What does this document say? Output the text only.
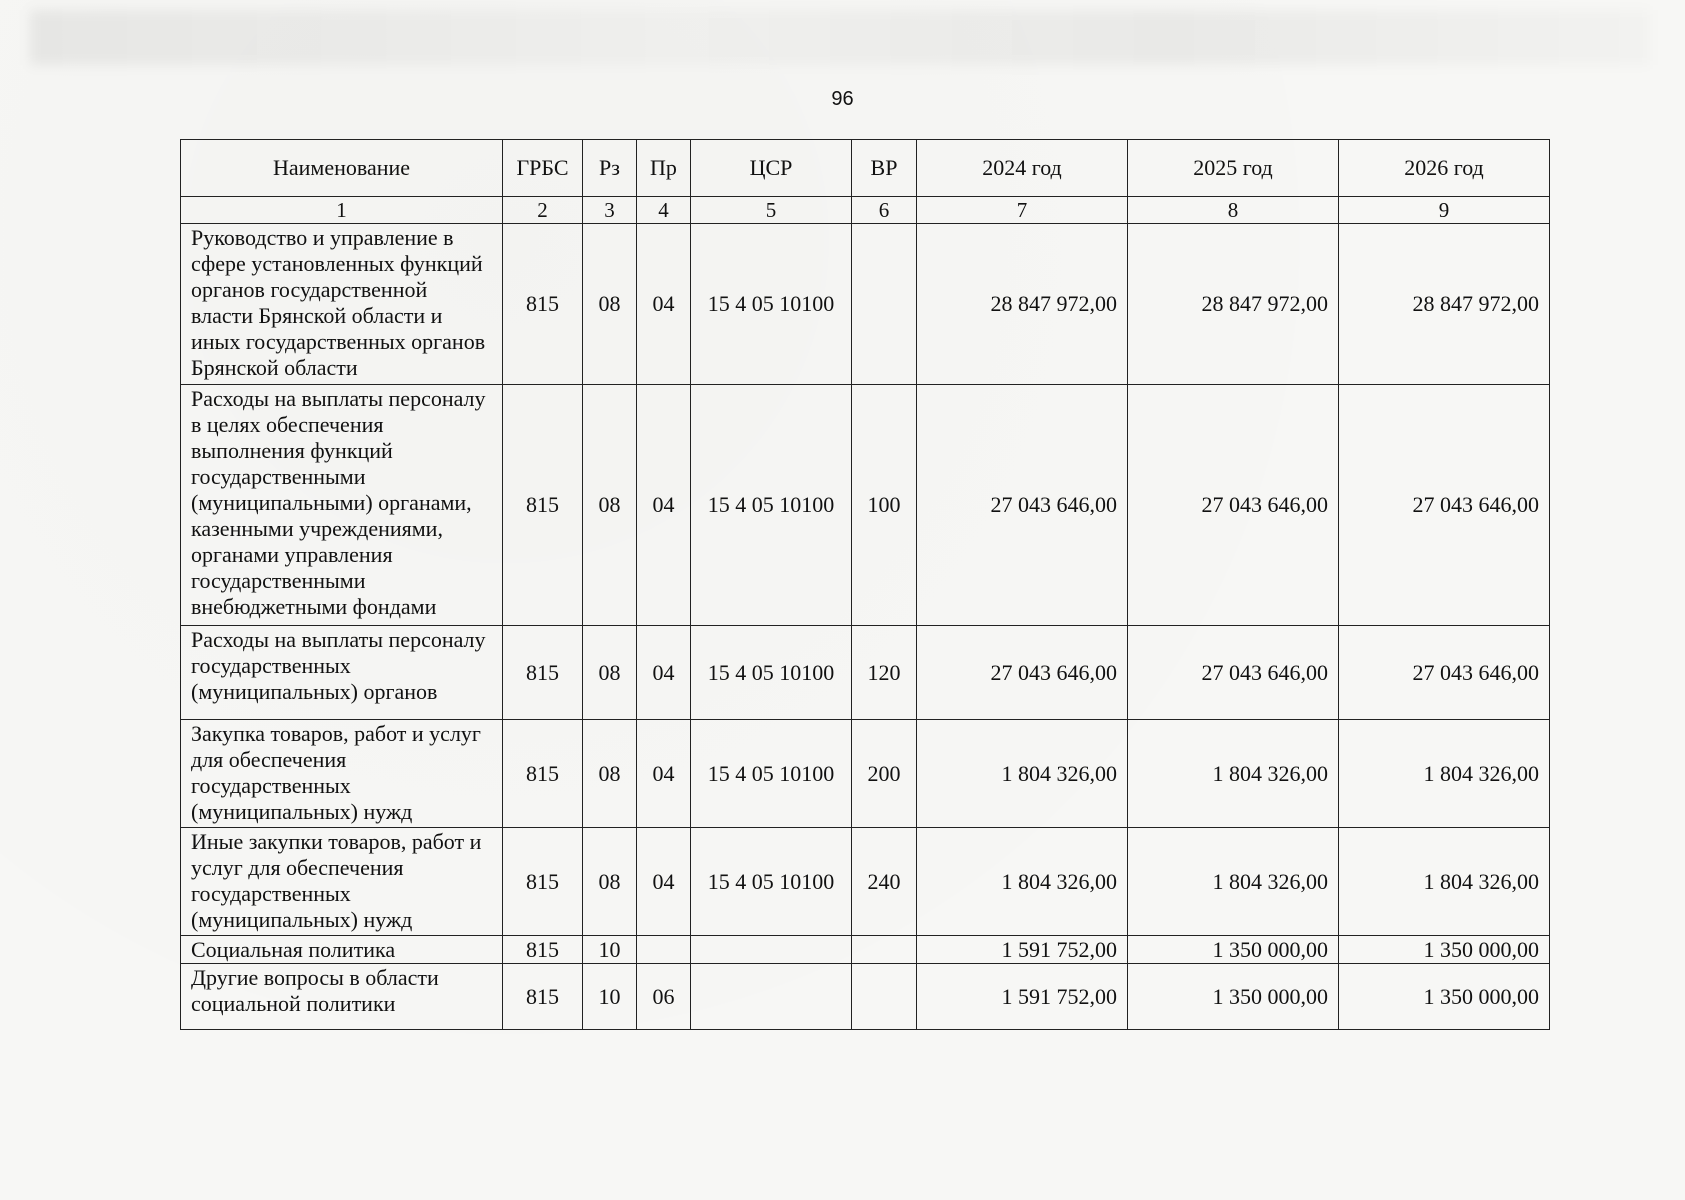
96
Наименование	ГРБС	Рз	Пр	ЦСР	ВР	2024 год	2025 год	2026 год
1	2	3	4	5	6	7	8	9
Руководство и управление в сфере установленных функций органов государственной власти Брянской области и иных государственных органов Брянской области	815	08	04	15 4 05 10100		28 847 972,00	28 847 972,00	28 847 972,00
Расходы на выплаты персоналу в целях обеспечения выполнения функций государственными (муниципальными) органами, казенными учреждениями, органами управления государственными внебюджетными фондами	815	08	04	15 4 05 10100	100	27 043 646,00	27 043 646,00	27 043 646,00
Расходы на выплаты персоналу государственных (муниципальных) органов	815	08	04	15 4 05 10100	120	27 043 646,00	27 043 646,00	27 043 646,00
Закупка товаров, работ и услуг для обеспечения государственных (муниципальных) нужд	815	08	04	15 4 05 10100	200	1 804 326,00	1 804 326,00	1 804 326,00
Иные закупки товаров, работ и услуг для обеспечения государственных (муниципальных) нужд	815	08	04	15 4 05 10100	240	1 804 326,00	1 804 326,00	1 804 326,00
Социальная политика	815	10				1 591 752,00	1 350 000,00	1 350 000,00
Другие вопросы в области социальной политики	815	10	06			1 591 752,00	1 350 000,00	1 350 000,00
